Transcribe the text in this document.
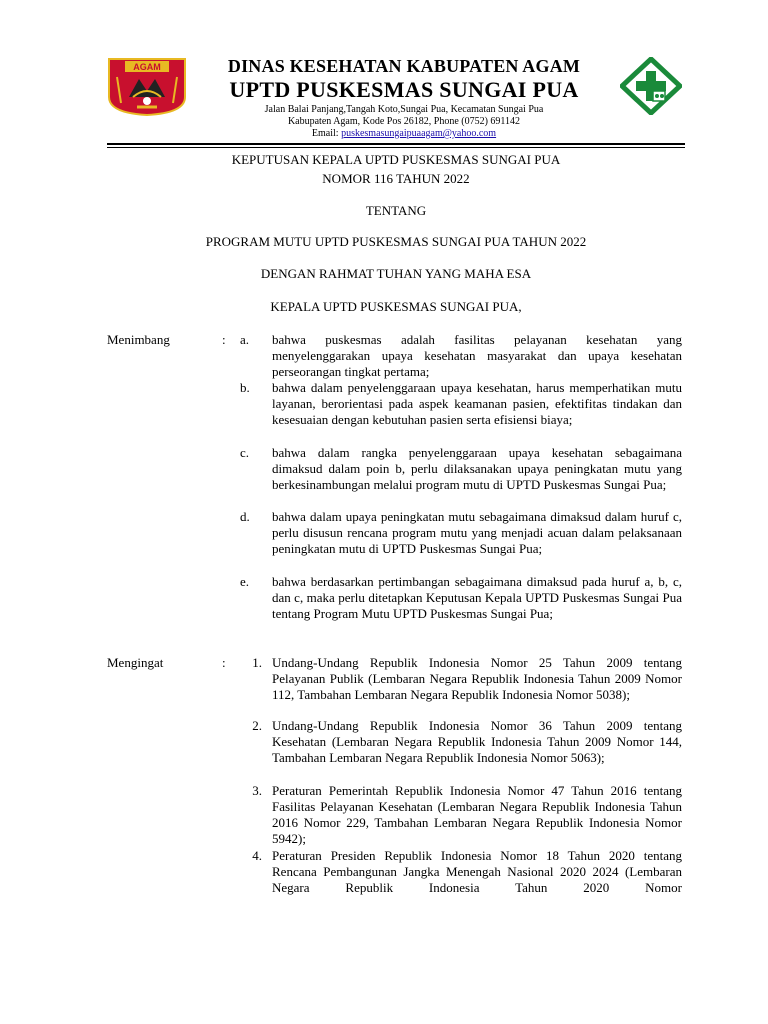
AGAM	DINAS KESEHATAN KABUPATEN AGAM
UPTD PUSKESMAS SUNGAI PUA
Jalan Balai Panjang,Tangah Koto,Sungai Pua, Kecamatan Sungai Pua
Kabupaten Agam, Kode Pos 26182, Phone (0752) 691142
Email: puskesmasungaipuaagam@yahoo.com
KEPUTUSAN KEPALA UPTD PUSKESMAS SUNGAI PUA
NOMOR 116 TAHUN 2022
TENTANG
PROGRAM MUTU UPTD PUSKESMAS SUNGAI PUA TAHUN 2022
DENGAN RAHMAT TUHAN YANG MAHA ESA
KEPALA UPTD PUSKESMAS SUNGAI PUA,
Menimbang	: a.	bahwa puskesmas adalah fasilitas pelayanan kesehatan yang menyelenggarakan upaya kesehatan masyarakat dan upaya kesehatan perseorangan tingkat pertama;
b.	bahwa dalam penyelenggaraan upaya kesehatan, harus memperhatikan mutu layanan, berorientasi pada aspek keamanan pasien, efektifitas tindakan dan kesesuaian dengan kebutuhan pasien serta efisiensi biaya;
c.	bahwa dalam rangka penyelenggaraan upaya kesehatan sebagaimana dimaksud dalam poin b, perlu dilaksanakan upaya peningkatan mutu yang berkesinambungan melalui program mutu di UPTD Puskesmas Sungai Pua;
d.	bahwa dalam upaya peningkatan mutu sebagaimana dimaksud dalam huruf c, perlu disusun rencana program mutu yang menjadi acuan dalam pelaksanaan peningkatan mutu di UPTD Puskesmas Sungai Pua;
e.	bahwa berdasarkan pertimbangan sebagaimana dimaksud pada huruf a, b, c, dan c, maka perlu ditetapkan Keputusan Kepala UPTD Puskesmas Sungai Pua tentang Program Mutu UPTD Puskesmas Sungai Pua;
Mengingat	:	1. Undang-Undang Republik Indonesia Nomor 25 Tahun 2009 tentang Pelayanan Publik (Lembaran Negara Republik Indonesia Tahun 2009 Nomor 112, Tambahan Lembaran Negara Republik Indonesia Nomor 5038);
2. Undang-Undang Republik Indonesia Nomor 36 Tahun 2009 tentang Kesehatan (Lembaran Negara Republik Indonesia Tahun 2009 Nomor 144, Tambahan Lembaran Negara Republik Indonesia Nomor 5063);
3. Peraturan Pemerintah Republik Indonesia Nomor 47 Tahun 2016 tentang Fasilitas Pelayanan Kesehatan (Lembaran Negara Republik Indonesia Tahun 2016 Nomor 229, Tambahan Lembaran Negara Republik Indonesia Nomor 5942);
4. Peraturan Presiden Republik Indonesia Nomor 18 Tahun 2020 tentang Rencana Pembangunan Jangka Menengah Nasional 2020 2024 (Lembaran Negara Republik Indonesia Tahun 2020 Nomor
